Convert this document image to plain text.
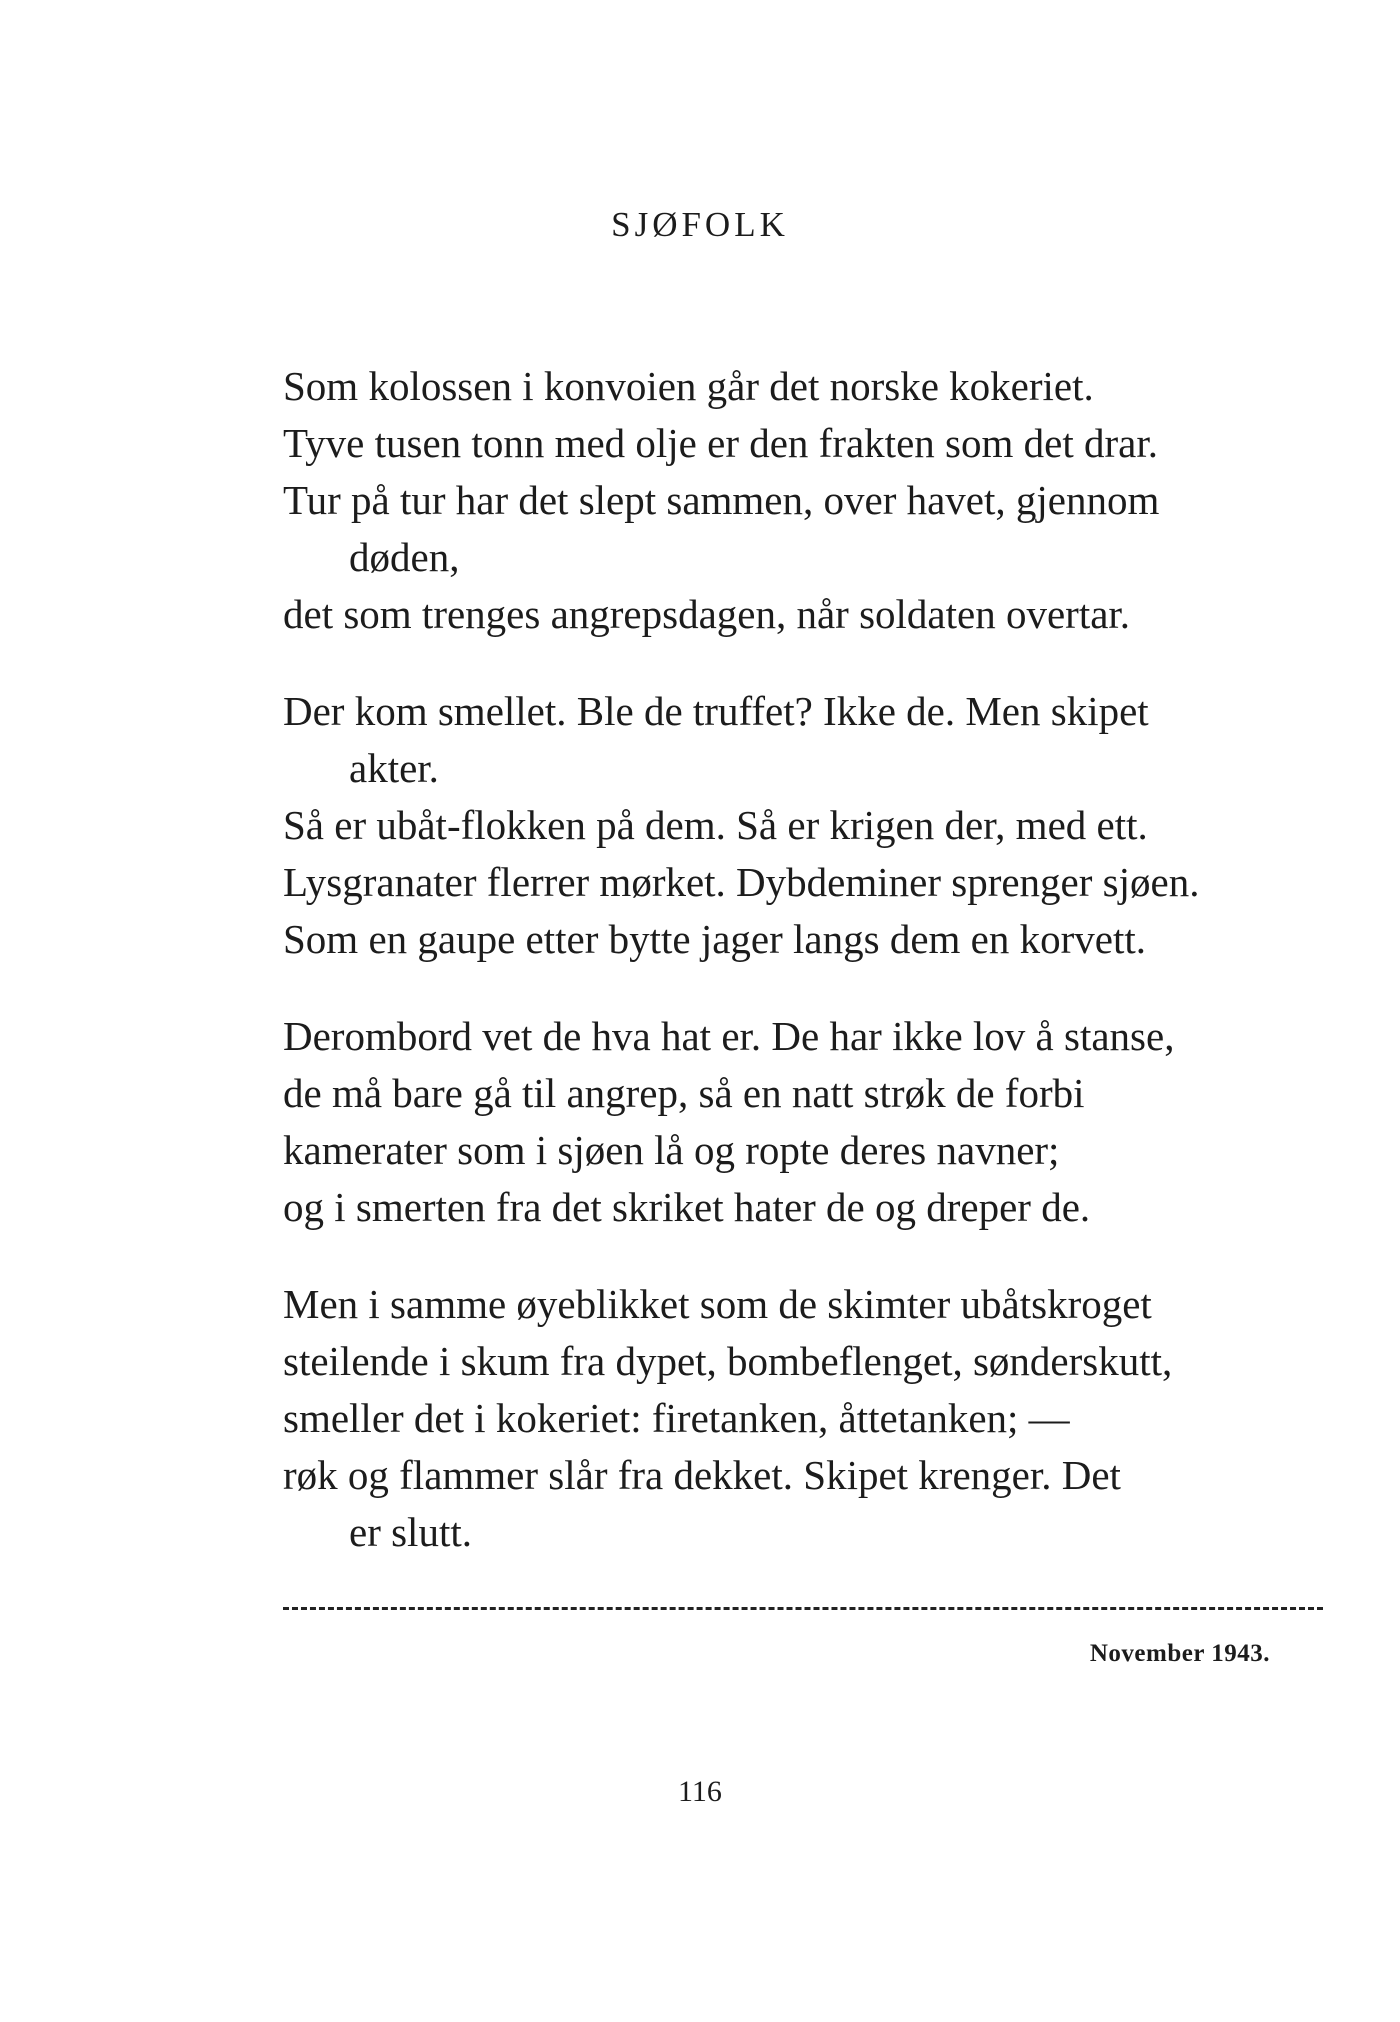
SJØFOLK
Som kolossen i konvoien går det norske kokeriet.
Tyve tusen tonn med olje er den frakten som det drar.
Tur på tur har det slept sammen, over havet, gjennom
døden,
det som trenges angrepsdagen, når soldaten overtar.
Der kom smellet. Ble de truffet? Ikke de. Men skipet
akter.
Så er ubåt-flokken på dem. Så er krigen der, med ett.
Lysgranater flerrer mørket. Dybdeminer sprenger sjøen.
Som en gaupe etter bytte jager langs dem en korvett.
Derombord vet de hva hat er. De har ikke lov å stanse,
de må bare gå til angrep, så en natt strøk de forbi
kamerater som i sjøen lå og ropte deres navner;
og i smerten fra det skriket hater de og dreper de.
Men i samme øyeblikket som de skimter ubåtskroget
steilende i skum fra dypet, bombeflenget, sønderskutt,
smeller det i kokeriet: firetanken, åttetanken; —
røk og flammer slår fra dekket. Skipet krenger. Det
er slutt.
November 1943.
116
